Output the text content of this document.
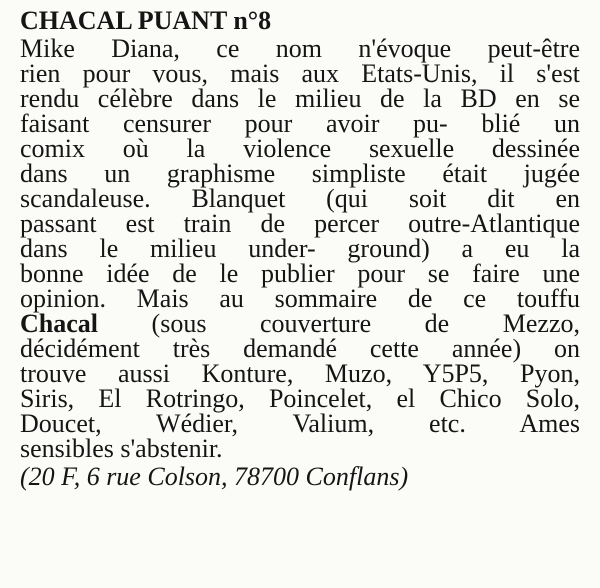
CHACAL PUANT n°8
Mike Diana, ce nom n'évoque peut-être
rien pour vous, mais aux Etats-Unis, il s'est
rendu célèbre dans le milieu de la BD en se
faisant censurer pour avoir pu- blié un
comix où la violence sexuelle dessinée
dans un graphisme simpliste était jugée
scandaleuse. Blanquet (qui soit dit en
passant est train de percer outre-Atlantique
dans le milieu under- ground) a eu la
bonne idée de le publier pour se faire une
opinion. Mais au sommaire de ce touffu
Chacal (sous couverture de Mezzo,
décidément très demandé cette année) on
trouve aussi Konture, Muzo, Y5P5, Pyon,
Siris, El Rotringo, Poincelet, el Chico Solo,
Doucet, Wédier, Valium, etc. Ames
sensibles s'abstenir.
(20 F, 6 rue Colson, 78700 Conflans)
